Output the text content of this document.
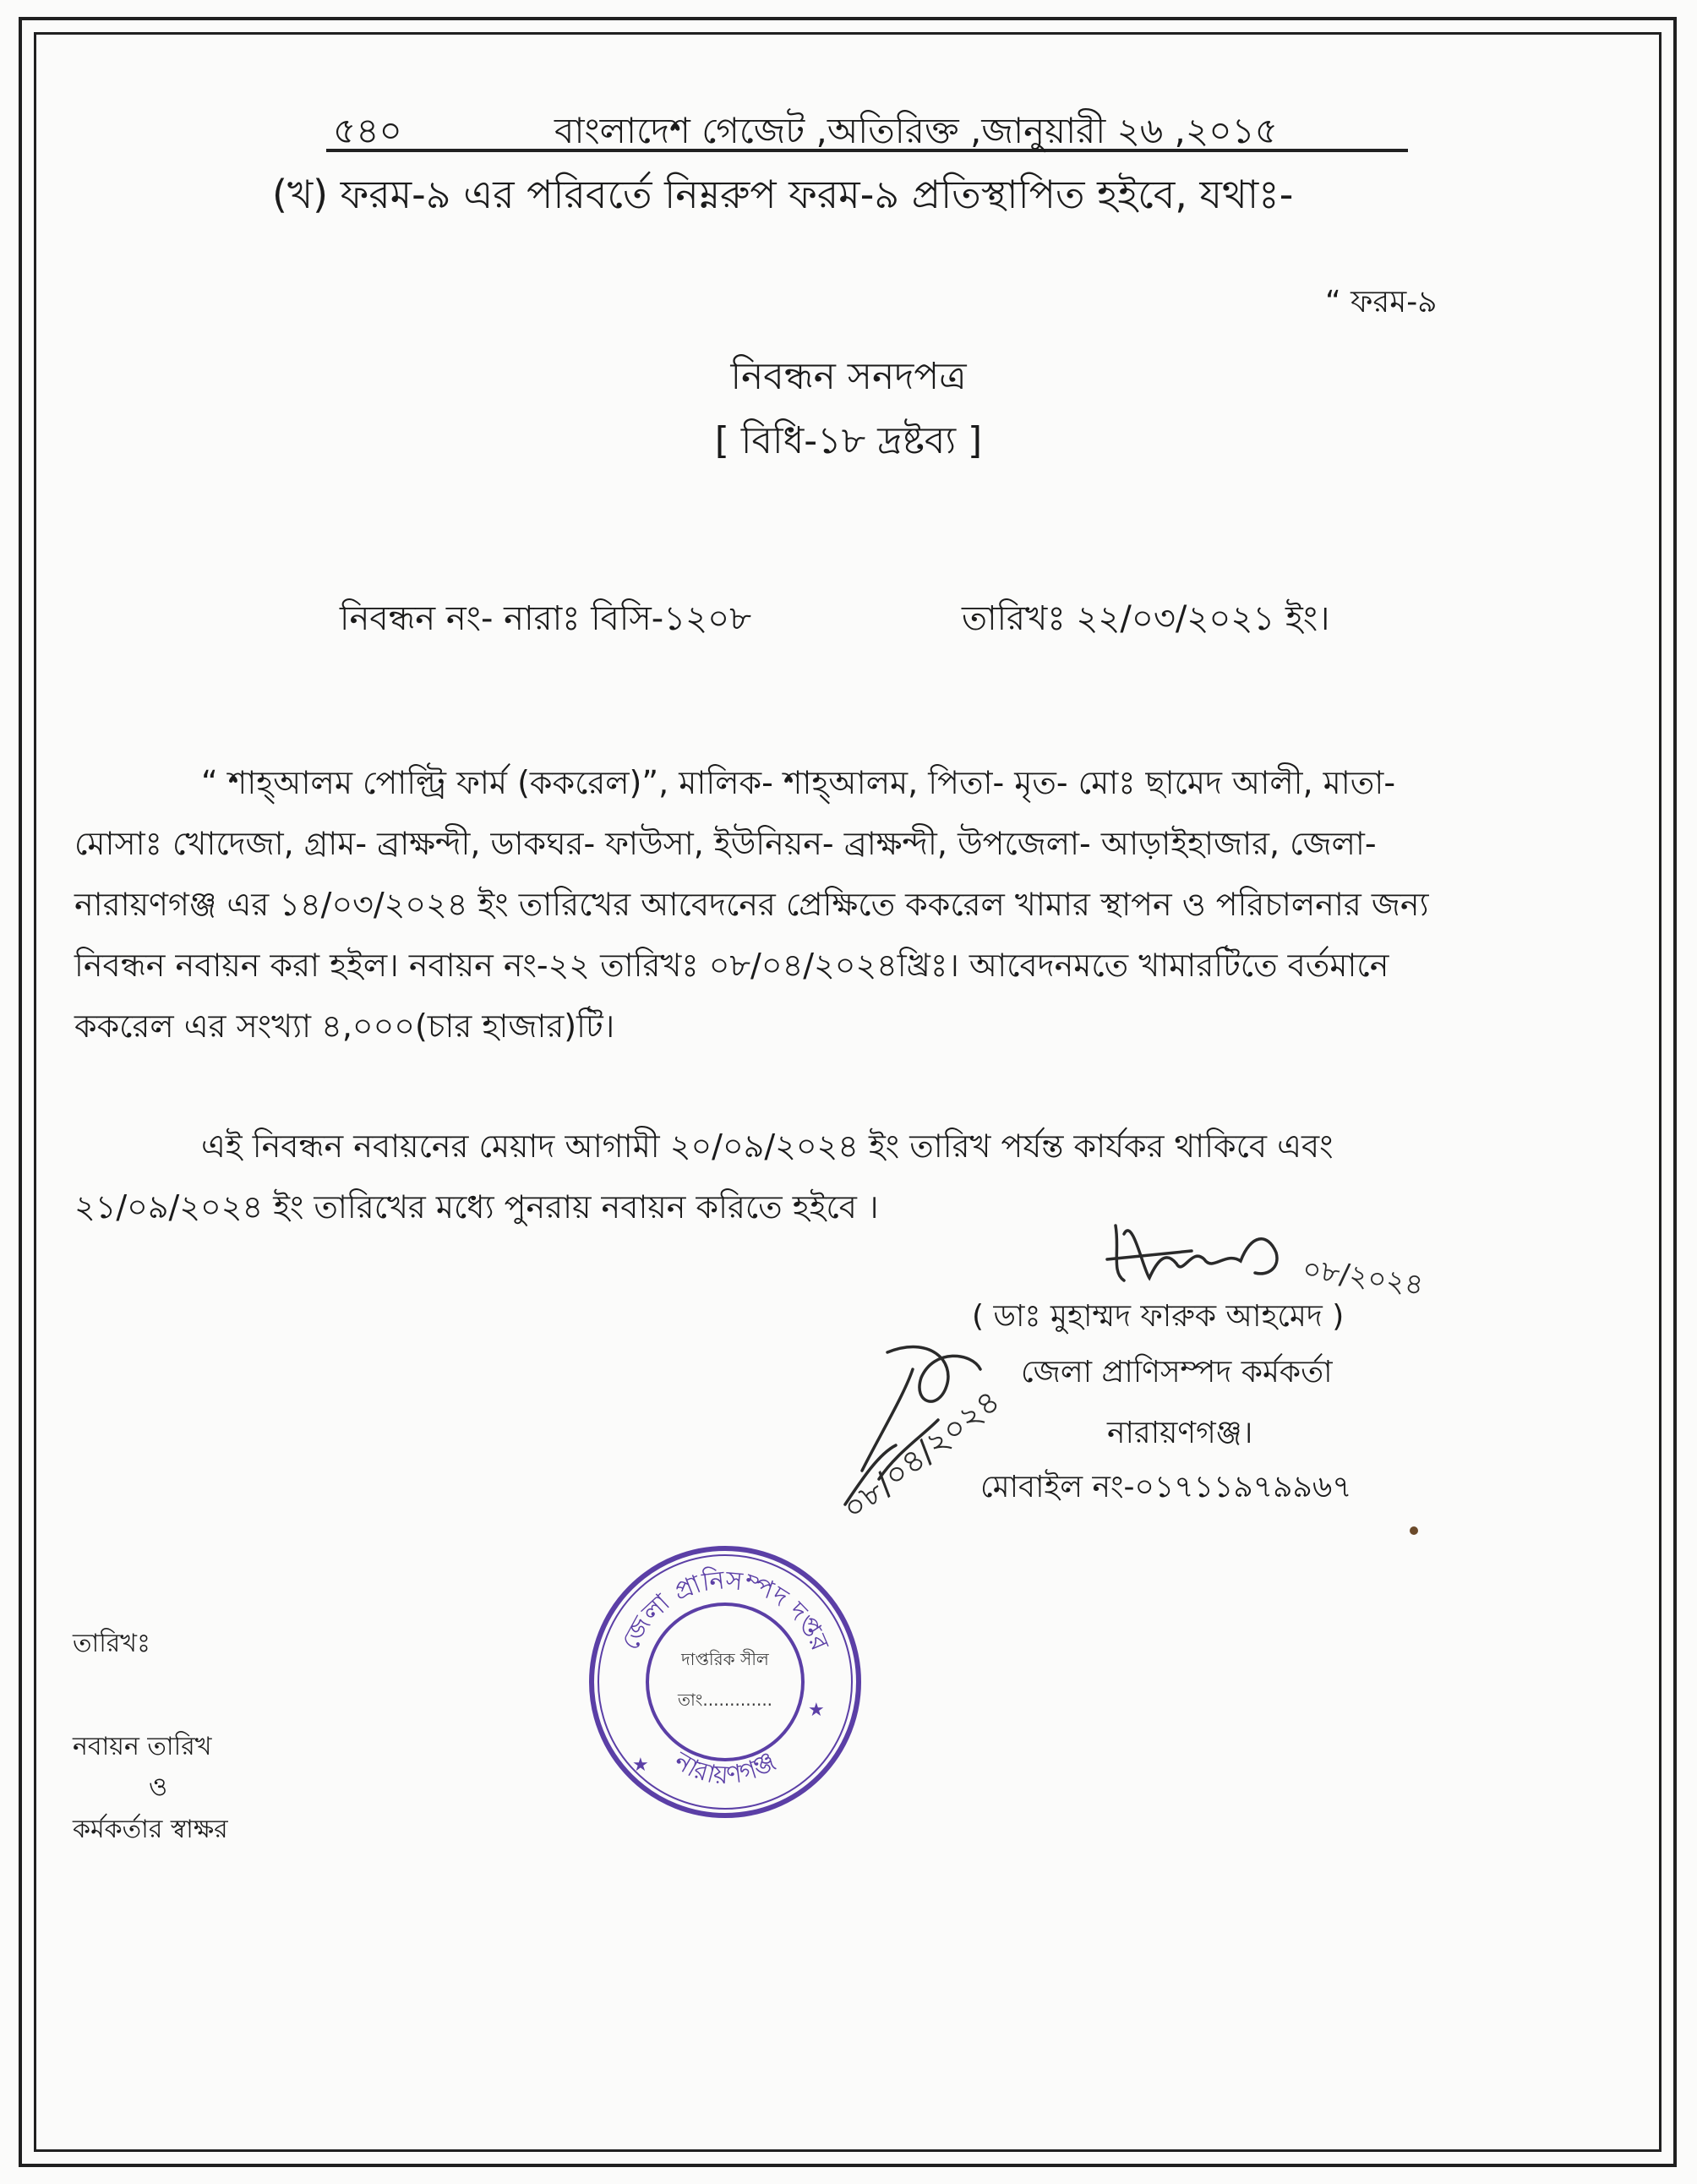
৫৪০	বাংলাদেশ গেজেট ,অতিরিক্ত ,জানুয়ারী ২৬ ,২০১৫
(খ) ফরম-৯ এর পরিবর্তে নিম্নরুপ ফরম-৯ প্রতিস্থাপিত হইবে, যথাঃ-
“ ফরম-৯
নিবন্ধন সনদপত্র
[ বিধি-১৮ দ্রষ্টব্য ]
নিবন্ধন নং- নারাঃ বিসি-১২০৮	তারিখঃ ২২/০৩/২০২১ ইং।
“ শাহ্‌আলম পোল্ট্রি ফার্ম (ককরেল)”, মালিক- শাহ্‌আলম, পিতা- মৃত- মোঃ ছামেদ আলী, মাতা-
মোসাঃ খোদেজা, গ্রাম- ব্রাক্ষন্দী, ডাকঘর- ফাউসা, ইউনিয়ন- ব্রাক্ষন্দী, উপজেলা- আড়াইহাজার, জেলা-
নারায়ণগঞ্জ এর ১৪/০৩/২০২৪ ইং তারিখের আবেদনের প্রেক্ষিতে ককরেল খামার স্থাপন ও পরিচালনার জন্য
নিবন্ধন নবায়ন করা হইল। নবায়ন নং-২২ তারিখঃ ০৮/০৪/২০২৪খ্রিঃ। আবেদনমতে খামারটিতে বর্তমানে
ককরেল এর সংখ্যা ৪,০০০(চার হাজার)টি।
এই নিবন্ধন নবায়নের মেয়াদ আগামী ২০/০৯/২০২৪ ইং তারিখ পর্যন্ত কার্যকর থাকিবে এবং
২১/০৯/২০২৪ ইং তারিখের মধ্যে পুনরায় নবায়ন করিতে হইবে ।
০৮/২০২৪
০৮/০৪/২০২৪
( ডাঃ মুহাম্মদ ফারুক আহমেদ )
জেলা প্রাণিসম্পদ কর্মকর্তা
নারায়ণগঞ্জ।
মোবাইল নং-০১৭১১৯৭৯৯৬৭
জেলা প্রানিসম্পদ দপ্তর
নারায়ণগঞ্জ
★
★
দাপ্তরিক সীল
তাং.............
তারিখঃ
নবায়ন তারিখ
ও
কর্মকর্তার স্বাক্ষর
